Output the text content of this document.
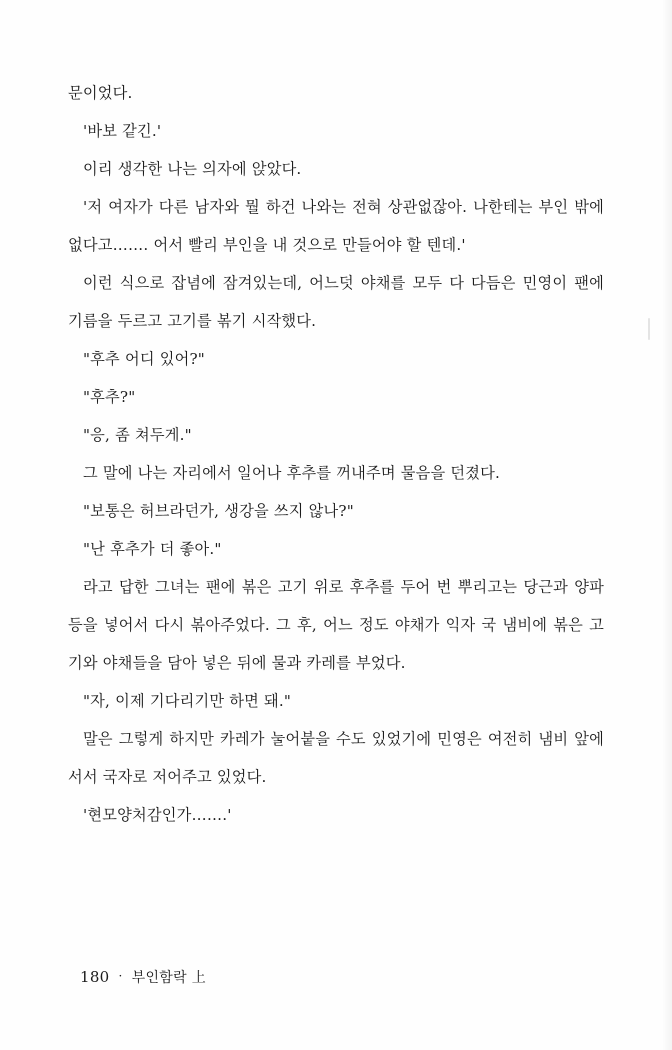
문이었다.

'바보 같긴.'

이리 생각한 나는 의자에 앉았다.

'저 여자가 다른 남자와 뭘 하건 나와는 전혀 상관없잖아. 나한테는 부인 밖에 없다고……. 어서 빨리 부인을 내 것으로 만들어야 할 텐데.'

이런 식으로 잡념에 잠겨있는데, 어느덧 야채를 모두 다 다듬은 민영이 팬에 기름을 두르고 고기를 볶기 시작했다.

"후추 어디 있어?"

"후추?"

"응, 좀 쳐두게."

그 말에 나는 자리에서 일어나 후추를 꺼내주며 물음을 던졌다.

"보통은 허브라던가, 생강을 쓰지 않나?"

"난 후추가 더 좋아."

라고 답한 그녀는 팬에 볶은 고기 위로 후추를 두어 번 뿌리고는 당근과 양파 등을 넣어서 다시 볶아주었다. 그 후, 어느 정도 야채가 익자 국 냄비에 볶은 고기와 야채들을 담아 넣은 뒤에 물과 카레를 부었다.

"자, 이제 기다리기만 하면 돼."

말은 그렇게 하지만 카레가 눌어붙을 수도 있었기에 민영은 여전히 냄비 앞에 서서 국자로 저어주고 있었다.

'현모양처감인가…….'

180 · 부인함락 上
